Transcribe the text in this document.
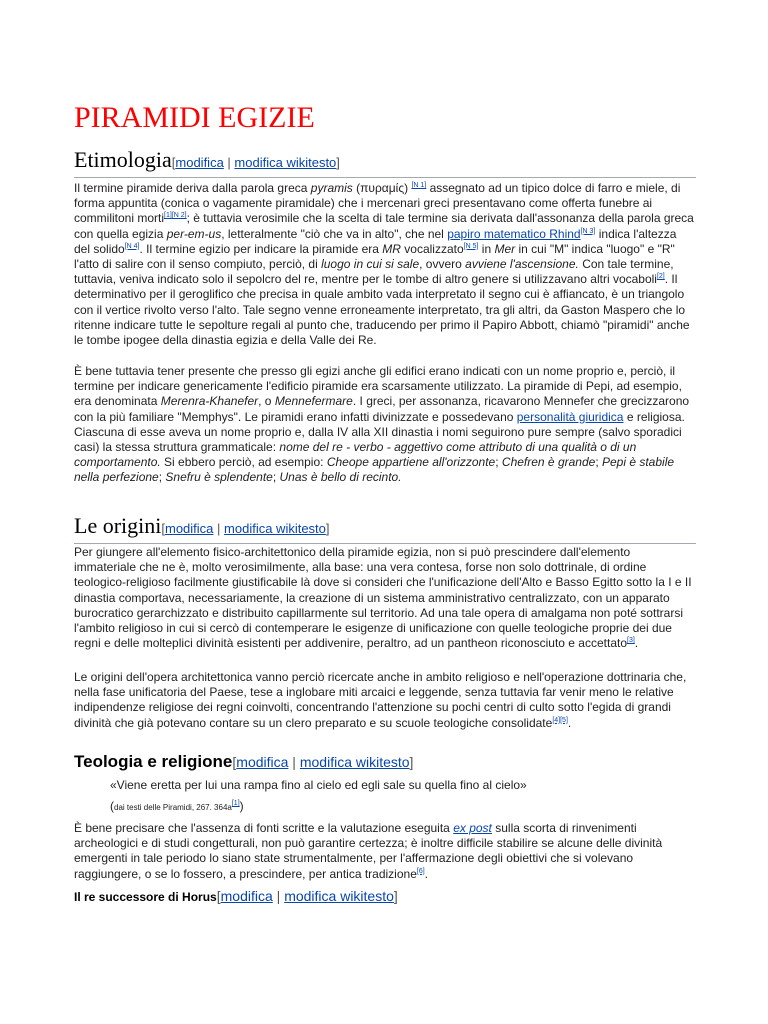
PIRAMIDI EGIZIE
Etimologia[modifica | modifica wikitesto]

Il termine piramide deriva dalla parola greca pyramis (πυραμίς) [N 1] assegnato ad un tipico dolce di farro e miele, di forma appuntita (conica o vagamente piramidale) che i mercenari greci presentavano come offerta funebre ai commilitoni morti[1][N 2]; è tuttavia verosimile che la scelta di tale termine sia derivata dall'assonanza della parola greca con quella egizia per-em-us, letteralmente "ciò che va in alto", che nel papiro matematico Rhind[N 3] indica l'altezza del solido[N 4]. Il termine egizio per indicare la piramide era MR vocalizzato[N 5] in Mer in cui "M" indica "luogo" e "R" l'atto di salire con il senso compiuto, perciò, di luogo in cui si sale, ovvero avviene l'ascensione. Con tale termine, tuttavia, veniva indicato solo il sepolcro del re, mentre per le tombe di altro genere si utilizzavano altri vocaboli[2]. Il determinativo per il geroglifico che precisa in quale ambito vada interpretato il segno cui è affiancato, è un triangolo con il vertice rivolto verso l'alto. Tale segno venne erroneamente interpretato, tra gli altri, da Gaston Maspero che lo ritenne indicare tutte le sepolture regali al punto che, traducendo per primo il Papiro Abbott, chiamò "piramidi" anche le tombe ipogee della dinastia egizia e della Valle dei Re.

È bene tuttavia tener presente che presso gli egizi anche gli edifici erano indicati con un nome proprio e, perciò, il termine per indicare genericamente l'edificio piramide era scarsamente utilizzato. La piramide di Pepi, ad esempio, era denominata Merenra-Khanefer, o Mennefermare. I greci, per assonanza, ricavarono Mennefer che grecizzarono con la più familiare "Memphys". Le piramidi erano infatti divinizzate e possedevano personalità giuridica e religiosa. Ciascuna di esse aveva un nome proprio e, dalla IV alla XII dinastia i nomi seguirono pure sempre (salvo sporadici casi) la stessa struttura grammaticale: nome del re - verbo - aggettivo come attributo di una qualità o di un comportamento. Si ebbero perciò, ad esempio: Cheope appartiene all'orizzonte; Chefren è grande; Pepi è stabile nella perfezione; Snefru è splendente; Unas è bello di recinto.

Le origini[modifica | modifica wikitesto]

Per giungere all'elemento fisico-architettonico della piramide egizia, non si può prescindere dall'elemento immateriale che ne è, molto verosimilmente, alla base: una vera contesa, forse non solo dottrinale, di ordine teologico-religioso facilmente giustificabile là dove si consideri che l'unificazione dell'Alto e Basso Egitto sotto la I e II dinastia comportava, necessariamente, la creazione di un sistema amministrativo centralizzato, con un apparato burocratico gerarchizzato e distribuito capillarmente sul territorio. Ad una tale opera di amalgama non poté sottrarsi l'ambito religioso in cui si cercò di contemperare le esigenze di unificazione con quelle teologiche proprie dei due regni e delle molteplici divinità esistenti per addivenire, peraltro, ad un pantheon riconosciuto e accettato[3].

Le origini dell'opera architettonica vanno perciò ricercate anche in ambito religioso e nell'operazione dottrinaria che, nella fase unificatoria del Paese, tese a inglobare miti arcaici e leggende, senza tuttavia far venir meno le relative indipendenze religiose dei regni coinvolti, concentrando l'attenzione su pochi centri di culto sotto l'egida di grandi divinità che già potevano contare su un clero preparato e su scuole teologiche consolidate[4][5].

Teologia e religione[modifica | modifica wikitesto]

«Viene eretta per lui una rampa fino al cielo ed egli sale su quella fino al cielo»

(dai testi delle Piramidi, 267. 364a[1])

È bene precisare che l'assenza di fonti scritte e la valutazione eseguita ex post sulla scorta di rinvenimenti archeologici e di studi congetturali, non può garantire certezza; è inoltre difficile stabilire se alcune delle divinità emergenti in tale periodo lo siano state strumentalmente, per l'affermazione degli obiettivi che si volevano raggiungere, o se lo fossero, a prescindere, per antica tradizione[6].

Il re successore di Horus[modifica | modifica wikitesto]
